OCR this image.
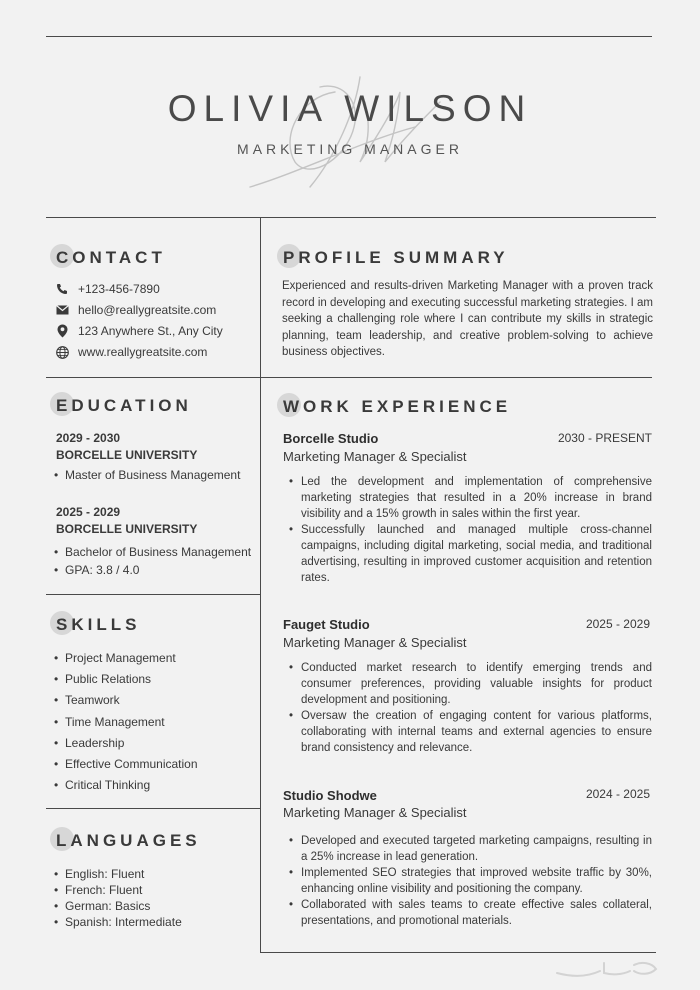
OLIVIA WILSON
MARKETING MANAGER
CONTACT
+123-456-7890
hello@reallygreatsite.com
123 Anywhere St., Any City
www.reallygreatsite.com
EDUCATION
2029 - 2030
BORCELLE UNIVERSITY
• Master of Business Management
2025 - 2029
BORCELLE UNIVERSITY
• Bachelor of Business Management
• GPA: 3.8 / 4.0
SKILLS
• Project Management
• Public Relations
• Teamwork
• Time Management
• Leadership
• Effective Communication
• Critical Thinking
LANGUAGES
• English: Fluent
• French: Fluent
• German: Basics
• Spanish: Intermediate
PROFILE SUMMARY
Experienced and results-driven Marketing Manager with a proven track record in developing and executing successful marketing strategies. I am seeking a challenging role where I can contribute my skills in strategic planning, team leadership, and creative problem-solving to achieve business objectives.
WORK EXPERIENCE
Borcelle Studio	2030 - PRESENT
Marketing Manager & Specialist
• Led the development and implementation of comprehensive marketing strategies that resulted in a 20% increase in brand visibility and a 15% growth in sales within the first year.
• Successfully launched and managed multiple cross-channel campaigns, including digital marketing, social media, and traditional advertising, resulting in improved customer acquisition and retention rates.
Fauget Studio	2025 - 2029
Marketing Manager & Specialist
• Conducted market research to identify emerging trends and consumer preferences, providing valuable insights for product development and positioning.
• Oversaw the creation of engaging content for various platforms, collaborating with internal teams and external agencies to ensure brand consistency and relevance.
Studio Shodwe	2024 - 2025
Marketing Manager & Specialist
• Developed and executed targeted marketing campaigns, resulting in a 25% increase in lead generation.
• Implemented SEO strategies that improved website traffic by 30%, enhancing online visibility and positioning the company.
• Collaborated with sales teams to create effective sales collateral, presentations, and promotional materials.
